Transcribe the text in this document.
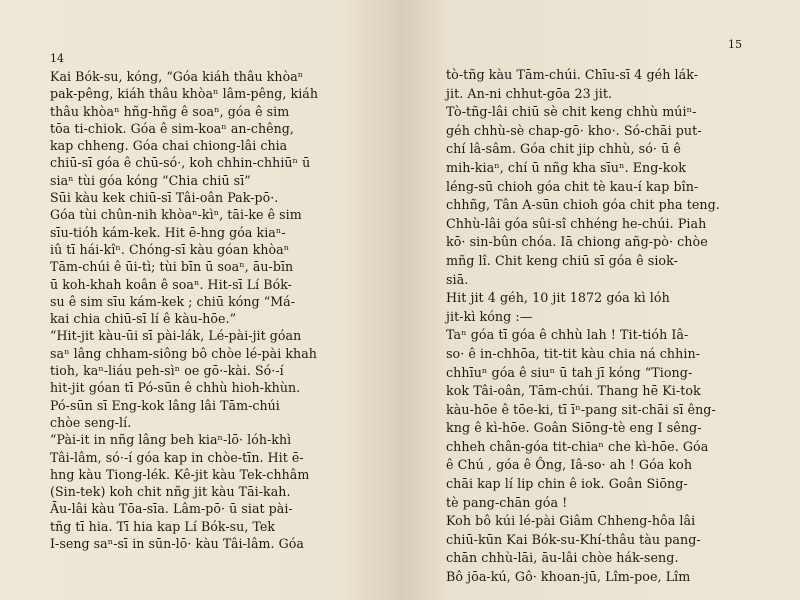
14
Kai Bók-su, kóng, “Góa kiáh thâu khòaⁿ
pak-pêng, kiáh thâu khòaⁿ lâm-pêng, kiáh
thâu khòaⁿ hñg-hñg ê soaⁿ, góa ê sim
tōa ti-chiok. Góa ê sim-koaⁿ an-chêng,
kap chheng. Góa chai chiong-lâi chia
chiū-sī góa ê chū-só·, koh chhin-chhiūⁿ ū
siaⁿ tùi góa kóng “Chia chiū sī”
Sūi kàu kek chiū-sī Tâi-oân Pak-pō·.
Góa tùi chûn-nih khòaⁿ-kìⁿ, tāi-ke ê sim
sīu-tióh kám-kek. Hit ē-hng góa kiaⁿ-
iû tī hái-kîⁿ. Chóng-sī kàu góan khòaⁿ
Tām-chúi ê ūi-tì; tùi bīn ū soaⁿ, āu-bīn
ū koh-khah koân ê soaⁿ. Hit-sī Lí Bók-
su ê sim sīu kám-kek ; chiū kóng “Má-
kai chia chiū-sī lí ê kàu-hōe.”
“Hit-jit kàu-ūi sī pài-lák, Lé-pài-jit góan
saⁿ lâng chham-siông bô chòe lé-pài khah
tioh, kaⁿ-liáu peh-sìⁿ oe gō·-kài. Só·-í
hit-jit góan tī Pó-sūn ê chhù hioh-khùn.
Pó-sūn sī Eng-kok lâng lâi Tām-chúi
chòe seng-lí.
“Pài-it in nñg lâng beh kiaⁿ-lō· lóh-khì
Tâi-lâm, só·-í góa kap in chòe-tīn. Hit ē-
hng kàu Tiong-lék. Kê-jit kàu Tek-chhâm
(Sin-tek) koh chit nñg jit kàu Tāi-kah.
Āu-lâi kàu Tōa-sīa. Lâm-pō· ū siat pài-
tñg tī hia. Tī hia kap Lí Bók-su, Tek
I-seng saⁿ-sī in sūn-lō· kàu Tâi-lâm. Góa
15
tò-tñg kàu Tām-chúi. Chīu-sī 4 géh lák-
jit. An-ni chhut-gōa 23 jit.
Tò-tñg-lâi chiū sè chit keng chhù múiⁿ-
géh chhù-sè chap-gō· kho·. Só-chāi put-
chí lâ-sâm. Góa chit jip chhù, só· ū ê
mih-kiaⁿ, chí ū nñg kha sīuⁿ. Eng-kok
léng-sū chioh góa chit tè kau-í kap bîn-
chhñg, Tân A-sūn chioh góa chit pha teng.
Chhù-lâi góa sûi-sî chhéng he-chúi. Piah
kō· sin-bûn chóa. Iā chiong añg-pò· chòe
mñg lî. Chit keng chiū sī góa ê siok-
siā.
Hit jit 4 géh, 10 jit 1872 góa kì lóh
jit-kì kóng :—
Taⁿ góa tī góa ê chhù lah ! Tit-tióh Iâ-
so· ê in-chhōa, tit-tit kàu chia ná chhin-
chhīuⁿ góa ê siuⁿ ū tah jī kóng “Tiong-
kok Tâi-oân, Tām-chúi. Thang hē Ki-tok
kàu-hōe ê tōe-ki, tī īⁿ-pang sit-chāi sī êng-
kng ê kì-hōe. Goân Siōng-tè eng I sêng-
chheh chân-góa tit-chiaⁿ che kì-hōe. Góa
ê Chú , góa ê Ông, Iâ-so· ah ! Góa koh
chāi kap lí lip chin ê iok. Goân Siōng-
tè pang-chān góa !
Koh bô kúi lé-pài Giâm Chheng-hôa lâi
chiū-kūn Kai Bók-su-Khí-thâu tàu pang-
chān chhù-lāi, āu-lâi chòe hák-seng.
Bô jōa-kú, Gô· khoan-jū, Lîm-poe, Lîm
